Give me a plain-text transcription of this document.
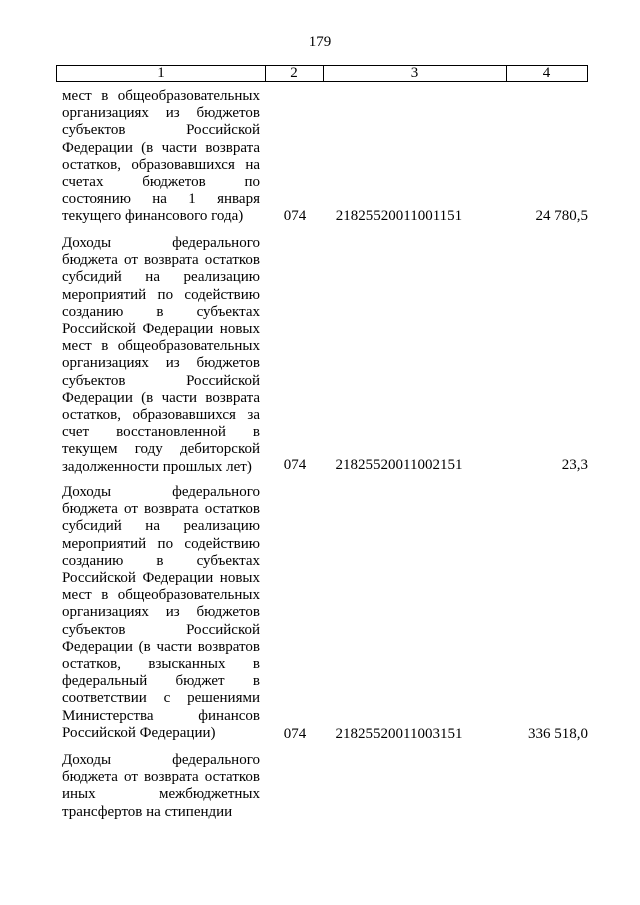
179
1	2	3	4
мест в общеобразовательных организациях из бюджетов субъектов Российской Федерации (в части возврата остатков, образовавшихся на счетах бюджетов по состоянию на 1 января текущего финансового года)	074	21825520011001151	24 780,5
Доходы федерального бюджета от возврата остатков субсидий на реализацию мероприятий по содействию созданию в субъектах Российской Федерации новых мест в общеобразовательных организациях из бюджетов субъектов Российской Федерации (в части возврата остатков, образовавшихся за счет восстановленной в текущем году дебиторской задолженности прошлых лет)	074	21825520011002151	23,3
Доходы федерального бюджета от возврата остатков субсидий на реализацию мероприятий по содействию созданию в субъектах Российской Федерации новых мест в общеобразовательных организациях из бюджетов субъектов Российской Федерации (в части возвратов остатков, взысканных в федеральный бюджет в соответствии с решениями Министерства финансов Российской Федерации)	074	21825520011003151	336 518,0
Доходы федерального бюджета от возврата остатков иных межбюджетных трансфертов на стипендии
